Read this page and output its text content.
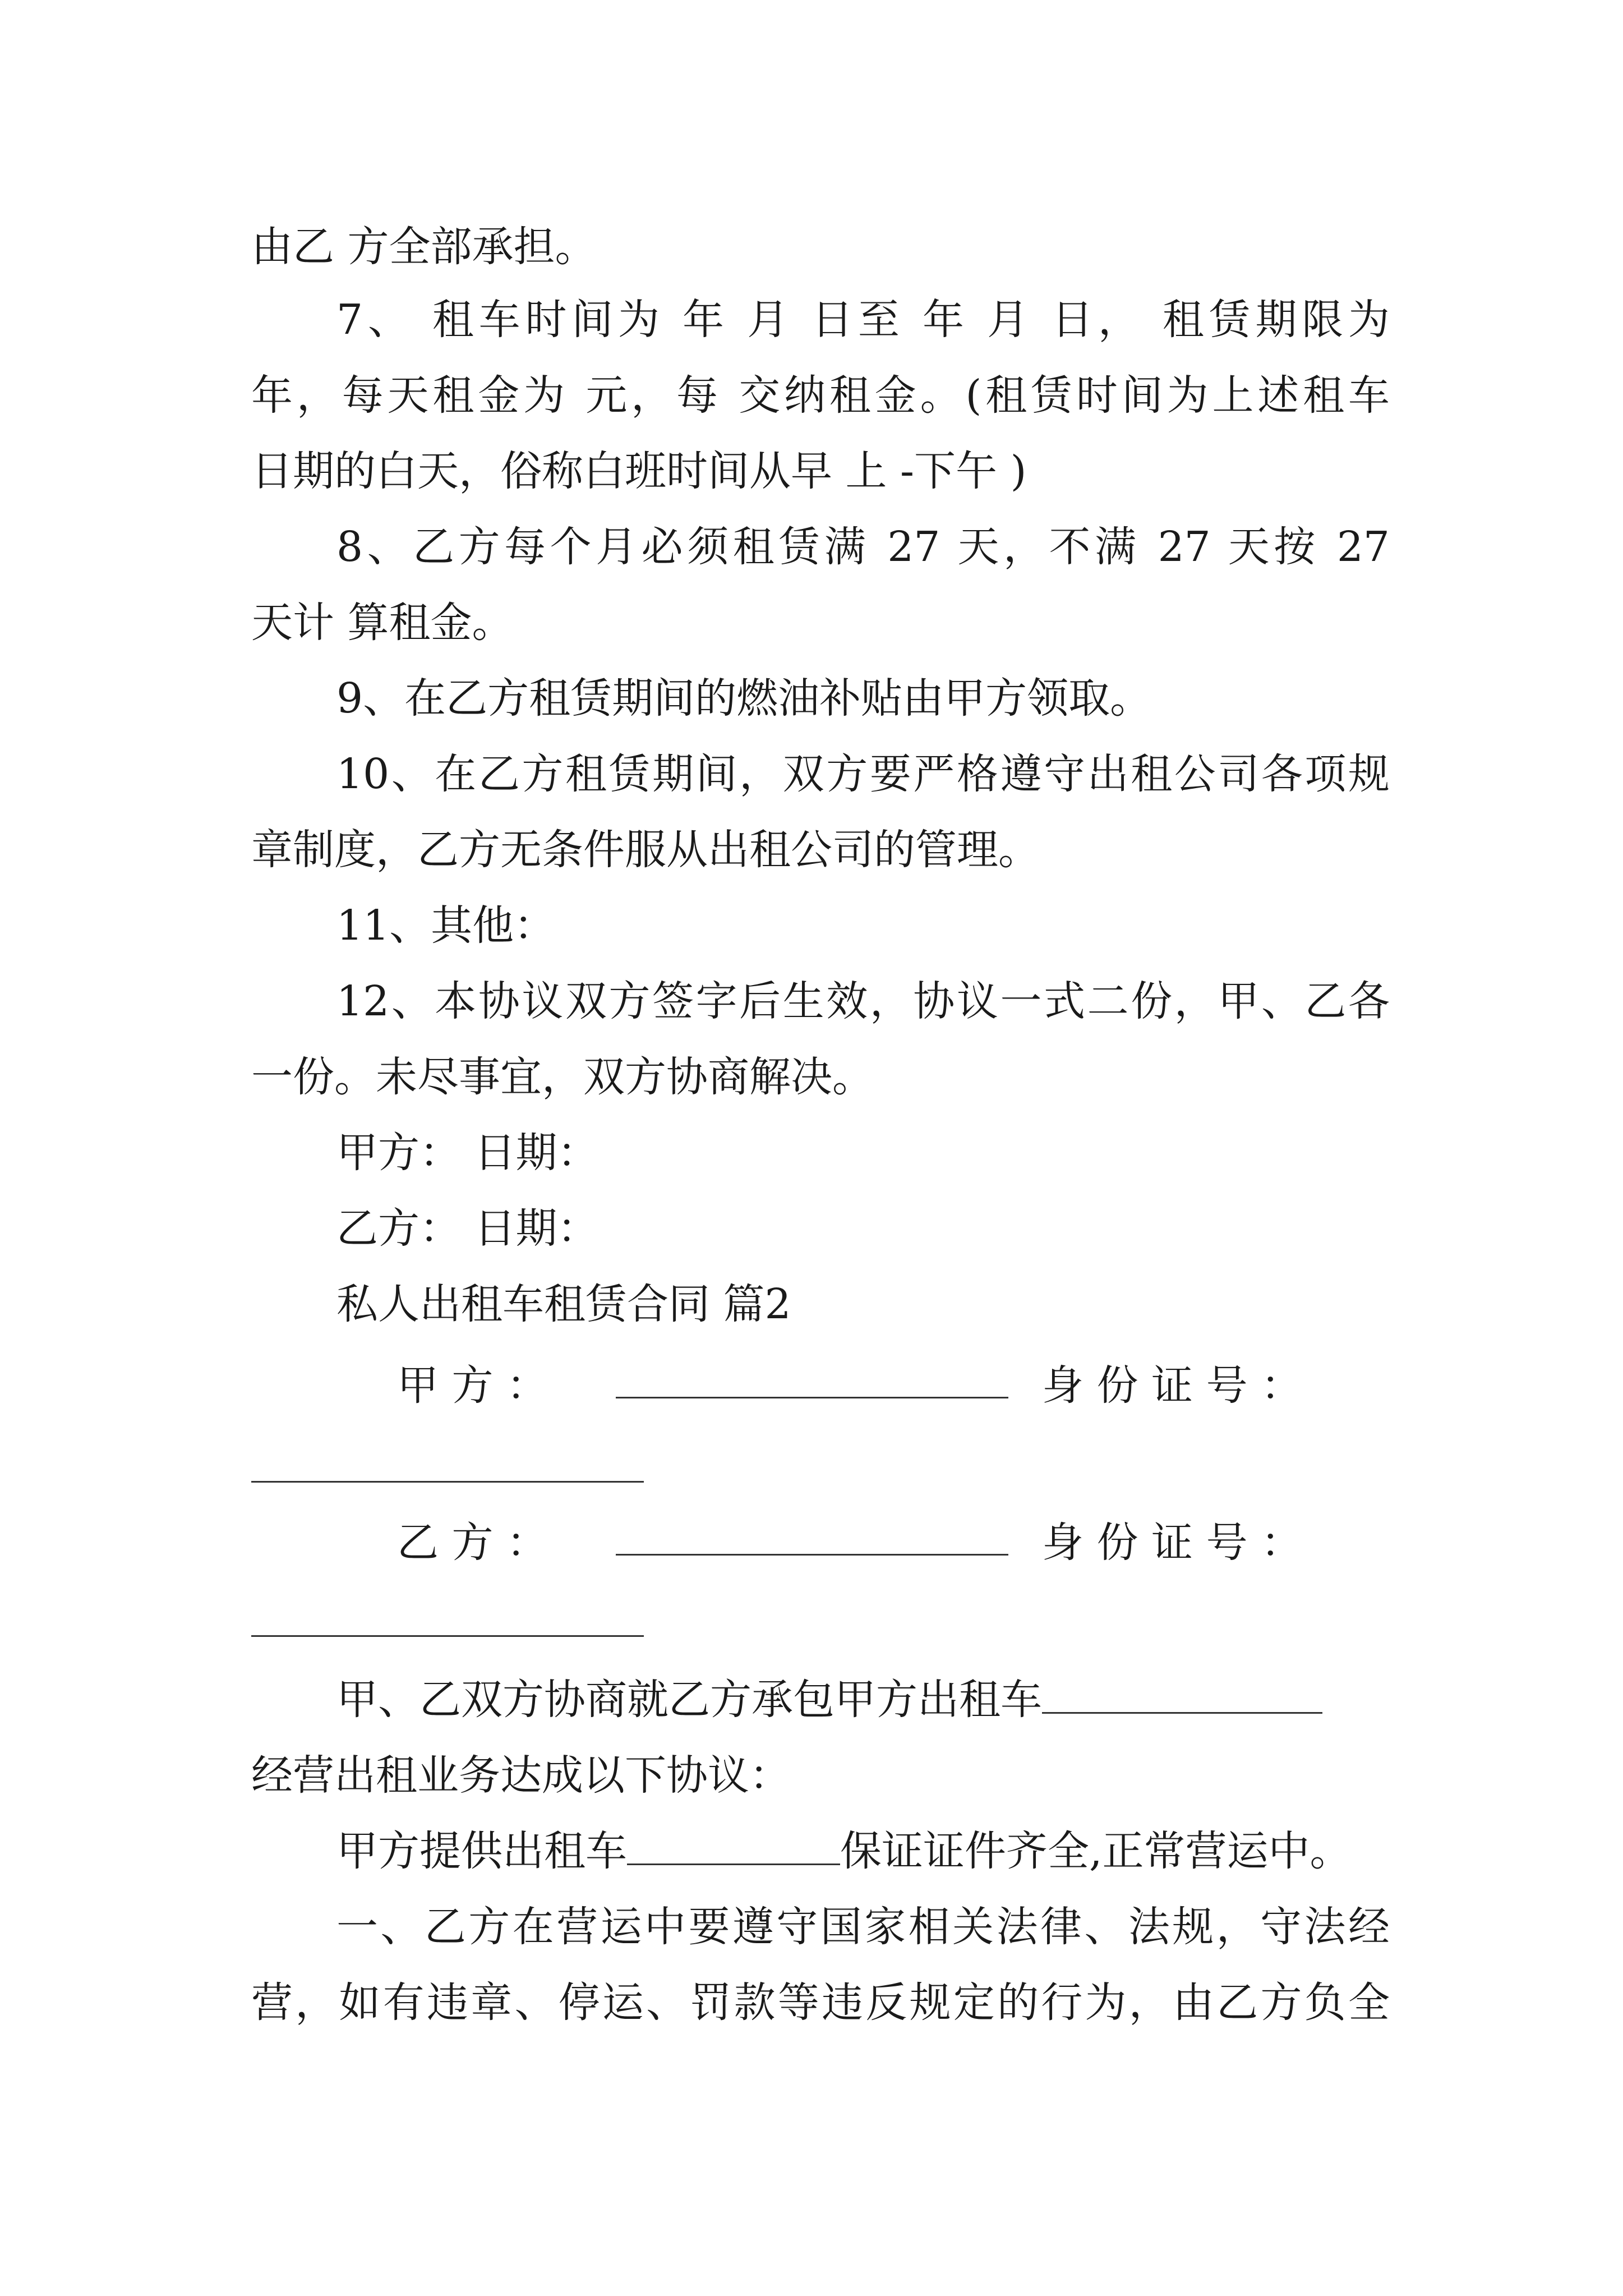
由乙 方全部承担。
7、 租车时间为 年 月 日至 年 月 日， 租赁期限为
年，每天租金为 元，每 交纳租金。(租赁时间为上述租车
日期的白天，俗称白班时间从早 上 -下午 )
8、乙方每个月必须租赁满 27 天，不满 27 天按 27
天计 算租金。
9、在乙方租赁期间的燃油补贴由甲方领取。
10、在乙方租赁期间，双方要严格遵守出租公司各项规
章制度，乙方无条件服从出租公司的管理。
11、其他：
12、本协议双方签字后生效，协议一式二份，甲、乙各
一份。未尽事宜，双方协商解决。
甲方： 日期：
乙方： 日期：
私人出租车租赁合同 篇2
甲 方 ：	身 份 证 号 ：
乙 方 ：	身 份 证 号 ：
甲、乙双方协商就乙方承包甲方出租车
经营出租业务达成以下协议：
甲方提供出租车	保证证件齐全,正常营运中。
一、乙方在营运中要遵守国家相关法律、法规，守法经
营，如有违章、停运、罚款等违反规定的行为，由乙方负全
